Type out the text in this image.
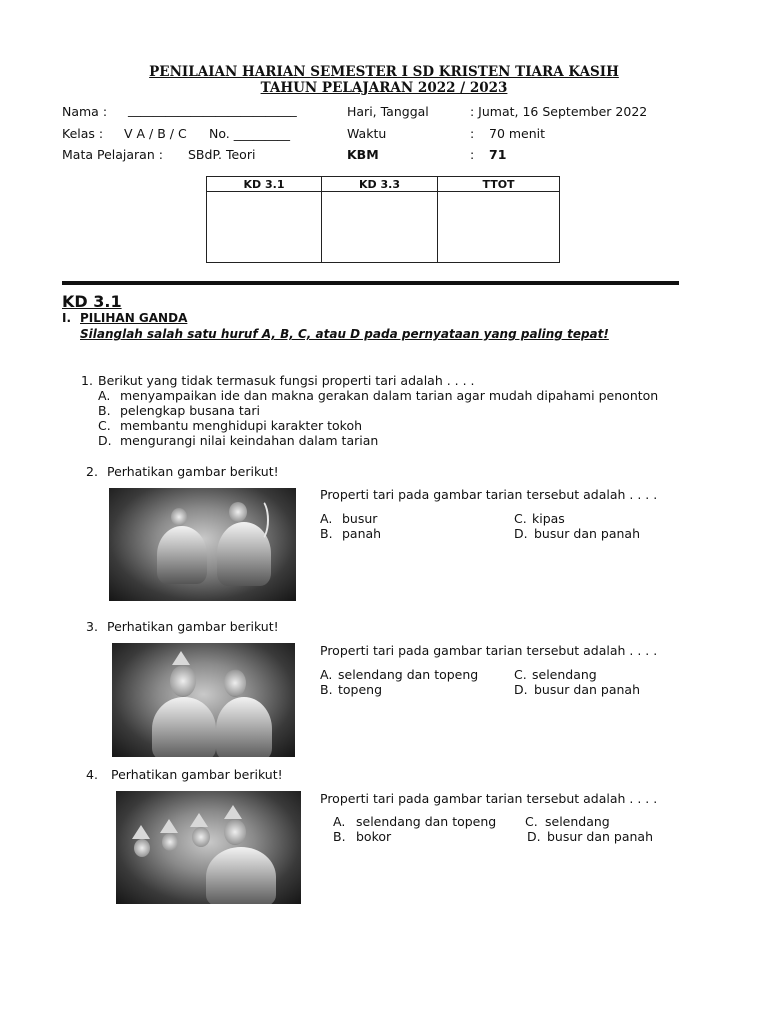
PENILAIAN HARIAN SEMESTER I SD KRISTEN TIARA KASIH
TAHUN PELAJARAN 2022 / 2023
Nama : ___________________________
Kelas : V A / B / C No. _________
Mata Pelajaran : SBdP. Teori
Hari, Tanggal	: Jumat, 16 September 2022
Waktu	: 70 menit
KBM	: 71
KD 3.1	KD 3.3	TTOT

KD 3.1
I. PILIHAN GANDA
Silanglah salah satu huruf A, B, C, atau D pada pernyataan yang paling tepat!
1. Berikut yang tidak termasuk fungsi properti tari adalah . . . .
A. menyampaikan ide dan makna gerakan dalam tarian agar mudah dipahami penonton
B. pelengkap busana tari
C. membantu menghidupi karakter tokoh
D. mengurangi nilai keindahan dalam tarian
2. Perhatikan gambar berikut!
Properti tari pada gambar tarian tersebut adalah . . . .
A. busur
B. panah
C. kipas
D. busur dan panah
3. Perhatikan gambar berikut!
Properti tari pada gambar tarian tersebut adalah . . . .
A. selendang dan topeng
B. topeng
C. selendang
D. busur dan panah
4. Perhatikan gambar berikut!
Properti tari pada gambar tarian tersebut adalah . . . .
A. selendang dan topeng
B. bokor
C. selendang
D. busur dan panah
